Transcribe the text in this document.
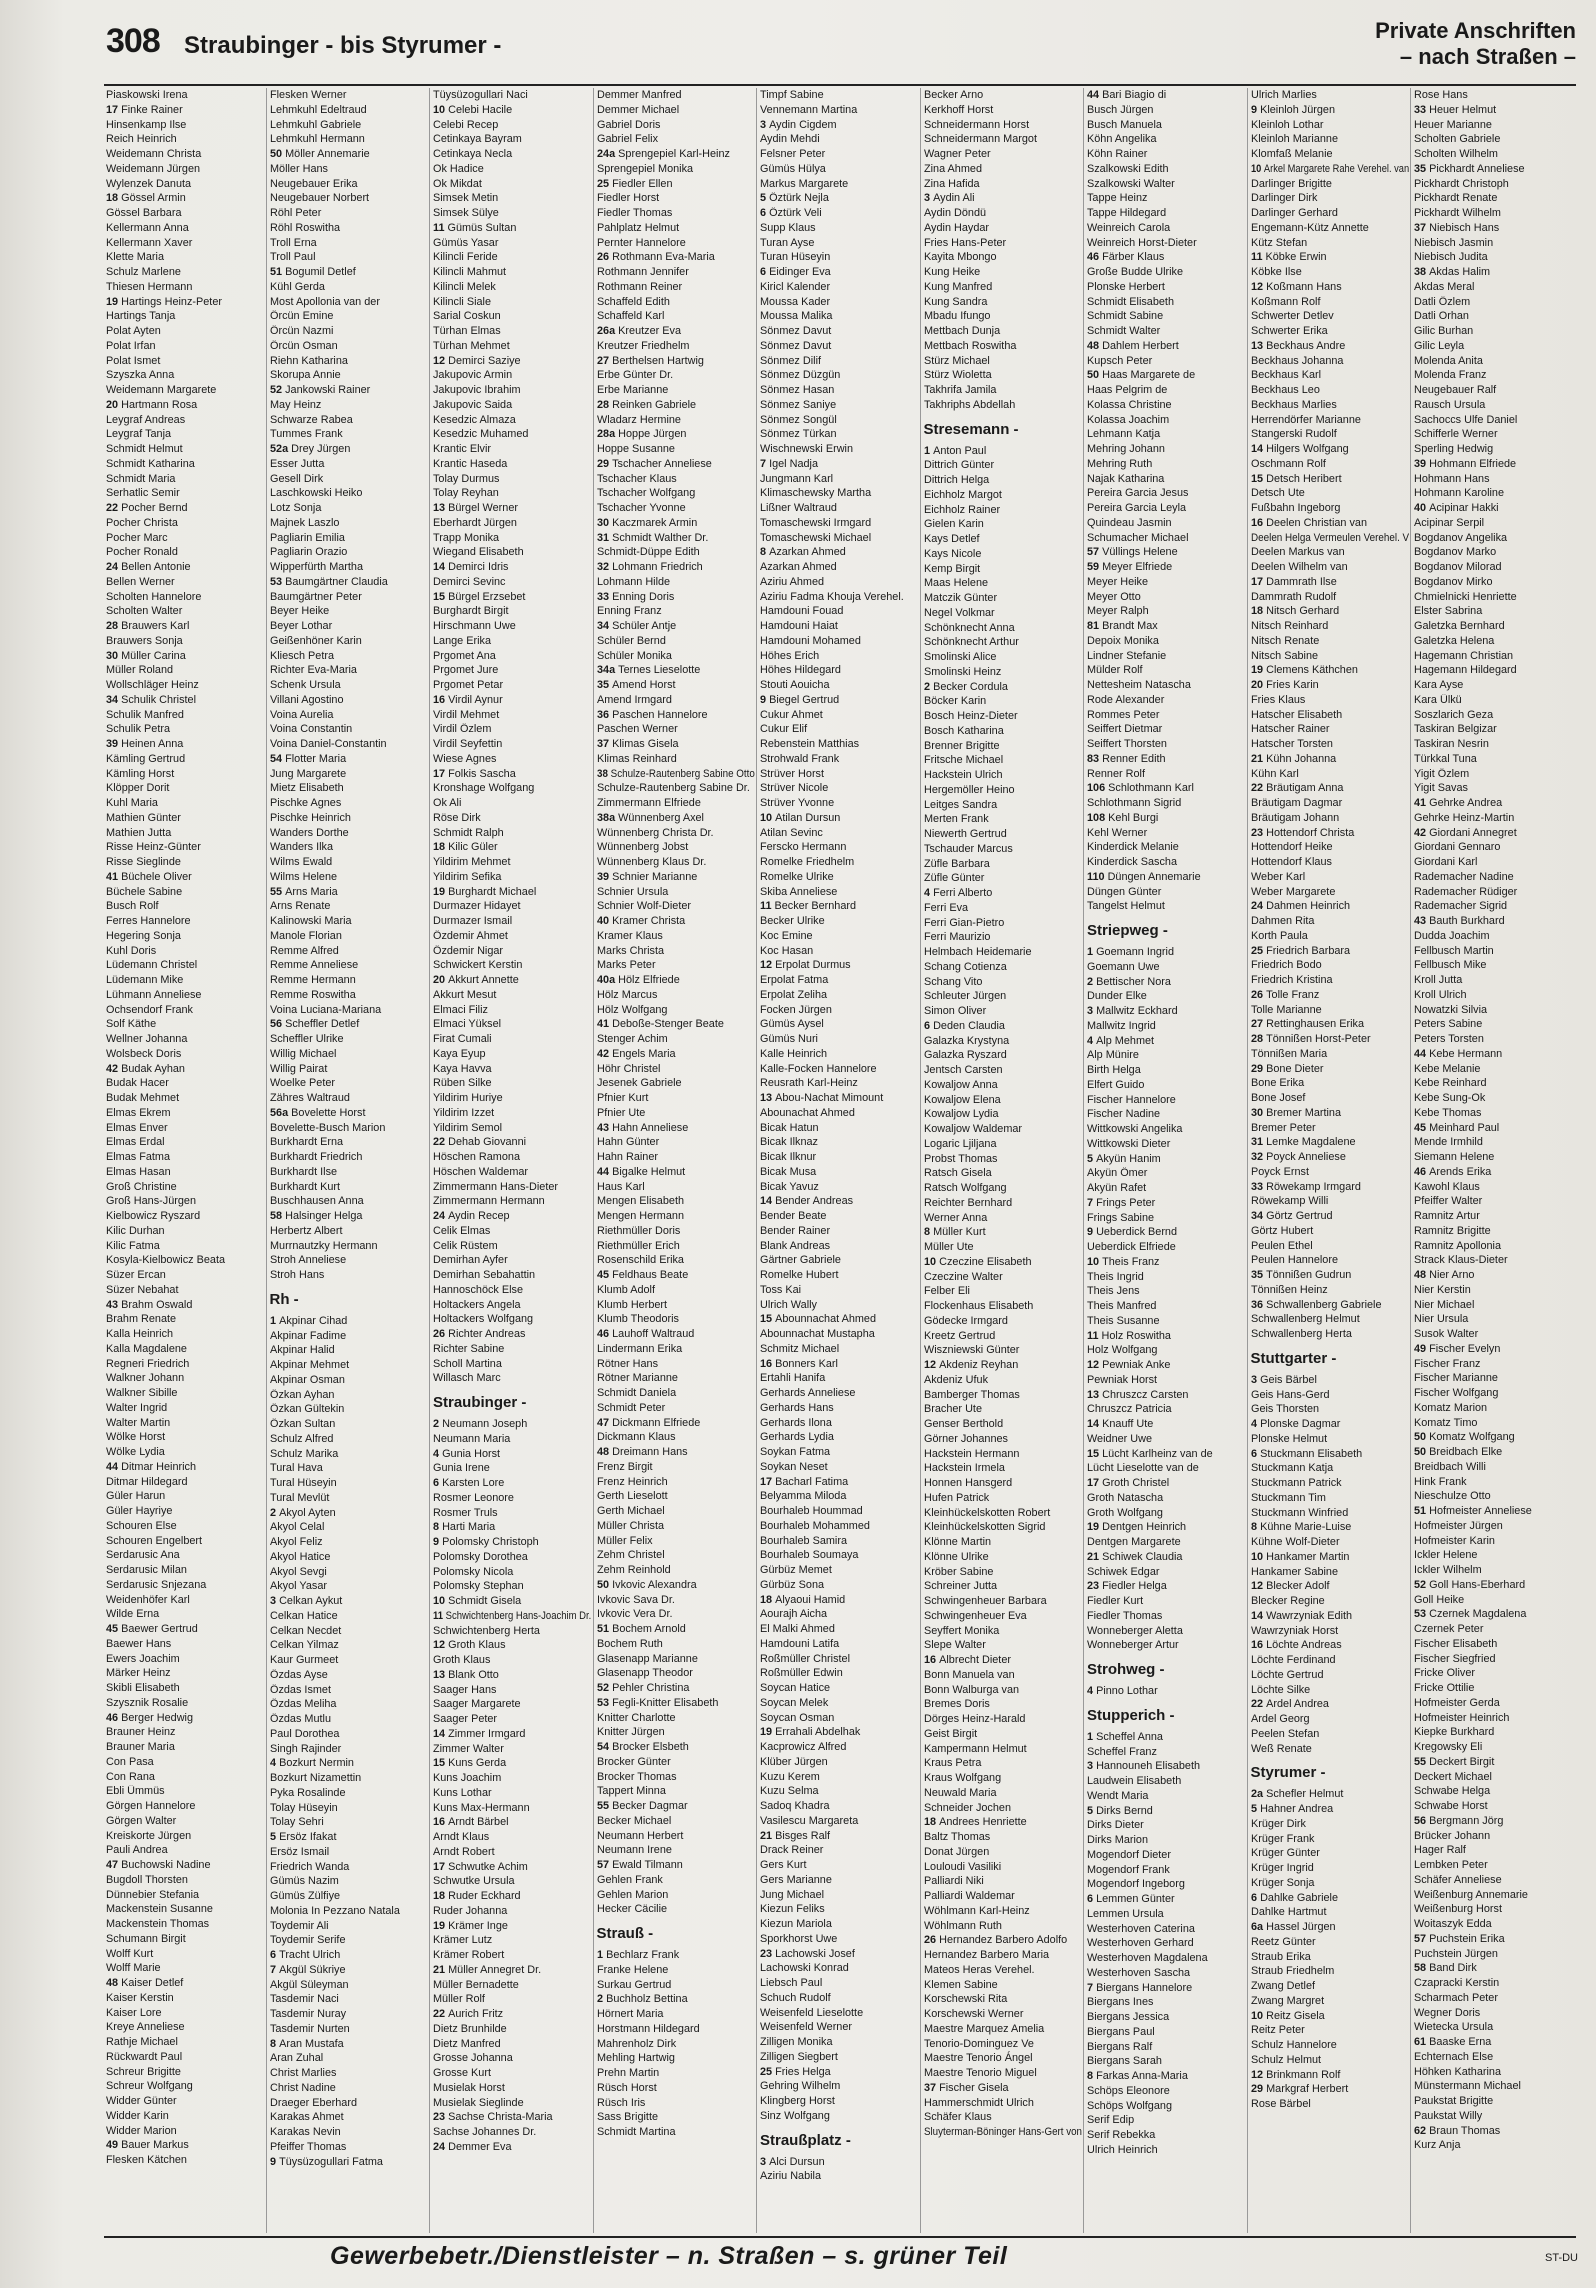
308 Straubinger - bis Styrumer -
Private Anschriften
– nach Straßen –
Piaskowski Irena17 Finke RainerHinsenkamp IlseReich HeinrichWeidemann ChristaWeidemann JürgenWylenzek Danuta18 Gössel ArminGössel BarbaraKellermann AnnaKellermann XaverKlette MariaSchulz MarleneThiesen Hermann19 Hartings Heinz-PeterHartings TanjaPolat AytenPolat IrfanPolat IsmetSzyszka AnnaWeidemann Margarete20 Hartmann RosaLeygraf AndreasLeygraf TanjaSchmidt HelmutSchmidt KatharinaSchmidt MariaSerhatlic Semir22 Pocher BerndPocher ChristaPocher MarcPocher Ronald24 Bellen AntonieBellen WernerScholten HanneloreScholten Walter28 Brauwers KarlBrauwers Sonja30 Müller CarinaMüller RolandWollschläger Heinz34 Schulik ChristelSchulik ManfredSchulik Petra39 Heinen AnnaKämling GertrudKämling HorstKlöpper DoritKuhl MariaMathien GünterMathien JuttaRisse Heinz-GünterRisse Sieglinde41 Büchele OliverBüchele SabineBusch RolfFerres HanneloreHegering SonjaKuhl DorisLüdemann ChristelLüdemann MikeLühmann AnnelieseOchsendorf FrankSolf KätheWellner JohannaWolsbeck Doris42 Budak AyhanBudak HacerBudak MehmetElmas EkremElmas EnverElmas ErdalElmas FatmaElmas HasanGroß ChristineGroß Hans-JürgenKielbowicz RyszardKilic DurhanKilic FatmaKosyla-Kielbowicz BeataSüzer ErcanSüzer Nebahat43 Brahm OswaldBrahm RenateKalla HeinrichKalla MagdaleneRegneri FriedrichWalkner JohannWalkner SibilleWalter IngridWalter MartinWölke HorstWölke Lydia44 Ditmar HeinrichDitmar HildegardGüler HarunGüler HayriyeSchouren ElseSchouren EngelbertSerdarusic AnaSerdarusic MilanSerdarusic SnjezanaWeidenhöfer KarlWilde Erna45 Baewer GertrudBaewer HansEwers JoachimMärker HeinzSkibli ElisabethSzysznik Rosalie46 Berger HedwigBrauner HeinzBrauner MariaCon PasaCon RanaEbli ÜmmüsGörgen HanneloreGörgen WalterKreiskorte JürgenPauli Andrea47 Buchowski NadineBugdoll ThorstenDünnebier StefaniaMackenstein SusanneMackenstein ThomasSchumann BirgitWolff KurtWolff Marie48 Kaiser DetlefKaiser KerstinKaiser LoreKreye AnnelieseRathje MichaelRückwardt PaulSchreur BrigitteSchreur WolfgangWidder GünterWidder KarinWidder Marion49 Bauer MarkusFlesken Kätchen
Flesken WernerLehmkuhl EdeltraudLehmkuhl GabrieleLehmkuhl Hermann50 Möller AnnemarieMöller HansNeugebauer ErikaNeugebauer NorbertRöhl PeterRöhl RoswithaTroll ErnaTroll Paul51 Bogumil DetlefKühl GerdaMost Apollonia van derÖrcün EmineÖrcün NazmiÖrcün OsmanRiehn KatharinaSkorupa Annie52 Jankowski RainerMay HeinzSchwarze RabeaTummes Frank52a Drey JürgenEsser JuttaGesell DirkLaschkowski HeikoLotz SonjaMajnek LaszloPagliarin EmiliaPagliarin OrazioWipperfürth Martha53 Baumgärtner ClaudiaBaumgärtner PeterBeyer HeikeBeyer LotharGeißenhöner KarinKliesch PetraRichter Eva-MariaSchenk UrsulaVillani AgostinoVoina AureliaVoina ConstantinVoina Daniel-Constantin54 Flotter MariaJung MargareteMietz ElisabethPischke AgnesPischke HeinrichWanders DortheWanders IlkaWilms EwaldWilms Helene55 Arns MariaArns RenateKalinowski MariaManole FlorianRemme AlfredRemme AnnelieseRemme HermannRemme RoswithaVoina Luciana-Mariana56 Scheffler DetlefScheffler UlrikeWillig MichaelWillig PairatWoelke PeterZähres Waltraud56a Bovelette HorstBovelette-Busch MarionBurkhardt ErnaBurkhardt FriedrichBurkhardt IlseBurkhardt KurtBuschhausen Anna58 Halsinger HelgaHerbertz AlbertMurrnautzky HermannStroh AnnelieseStroh Hans
Rh -
1 Akpinar CihadAkpinar FadimeAkpinar HalidAkpinar MehmetAkpinar OsmanÖzkan AyhanÖzkan GültekinÖzkan SultanSchulz AlfredSchulz MarikaTural HavaTural HüseyinTural Mevlüt2 Akyol AytenAkyol CelalAkyol FelizAkyol HaticeAkyol SevgiAkyol Yasar3 Celkan AykutCelkan HaticeCelkan NecdetCelkan YilmazKaur GurmeetÖzdas AyseÖzdas IsmetÖzdas MelihaÖzdas MutluPaul DorotheaSingh Rajinder4 Bozkurt NerminBozkurt NizamettinPyka RosalindeTolay HüseyinTolay Sehri5 Ersöz IfakatErsöz IsmailFriedrich WandaGümüs NazimGümüs ZülfiyeMolonia In Pezzano NatalaToydemir AliToydemir Serife6 Tracht Ulrich7 Akgül SükriyeAkgül SüleymanTasdemir NaciTasdemir NurayTasdemir Nurten8 Aran MustafaAran ZuhalChrist MarliesChrist NadineDraeger EberhardKarakas AhmetKarakas NevinPfeiffer Thomas9 Tüysüzogullari Fatma
Tüysüzogullari Naci10 Celebi HacileCelebi RecepCetinkaya BayramCetinkaya NeclaOk HadiceOk MikdatSimsek MetinSimsek Sülye11 Gümüs SultanGümüs YasarKilincli FerideKilincli MahmutKilincli MelekKilincli SialeSarial CoskunTürhan ElmasTürhan Mehmet12 Demirci SaziyeJakupovic ArminJakupovic IbrahimJakupovic SaidaKesedzic AlmazaKesedzic MuhamedKrantic ElvirKrantic HasedaTolay DurmusTolay Reyhan13 Bürgel WernerEberhardt JürgenTrapp MonikaWiegand Elisabeth14 Demirci IdrisDemirci Sevinc15 Bürgel ErzsebetBurghardt BirgitHirschmann UweLange ErikaPrgomet AnaPrgomet JurePrgomet Petar16 Virdil AynurVirdil MehmetVirdil ÖzlemVirdil SeyfettinWiese Agnes17 Folkis SaschaKronshage WolfgangOk AliRöse DirkSchmidt Ralph18 Kilic GülerYildirim MehmetYildirim Sefika19 Burghardt MichaelDurmazer HidayetDurmazer IsmailÖzdemir AhmetÖzdemir NigarSchwickert Kerstin20 Akkurt AnnetteAkkurt MesutElmaci FilizElmaci YükselFirat CumaliKaya EyupKaya HavvaRüben SilkeYildirim HuriyeYildirim IzzetYildirim Semol22 Dehab GiovanniHöschen RamonaHöschen WaldemarZimmermann Hans-DieterZimmermann Hermann24 Aydin RecepCelik ElmasCelik RüstemDemirhan AyferDemirhan SebahattinHannoschöck ElseHoltackers AngelaHoltackers Wolfgang26 Richter AndreasRichter SabineScholl MartinaWillasch Marc
Straubinger -
2 Neumann JosephNeumann Maria4 Gunia HorstGunia Irene6 Karsten LoreRosmer LeonoreRosmer Truls8 Harti Maria9 Polomsky ChristophPolomsky DorotheaPolomsky NicolaPolomsky Stephan10 Schmidt Gisela11 Schwichtenberg Hans-Joachim Dr.Schwichtenberg Herta12 Groth KlausGroth Klaus13 Blank OttoSaager HansSaager MargareteSaager Peter14 Zimmer IrmgardZimmer Walter15 Kuns GerdaKuns JoachimKuns LotharKuns Max-Hermann16 Arndt BärbelArndt KlausArndt Robert17 Schwutke AchimSchwutke Ursula18 Ruder EckhardRuder Johanna19 Krämer IngeKrämer LutzKrämer Robert21 Müller Annegret Dr.Müller BernadetteMüller Rolf22 Aurich FritzDietz BrunhildeDietz ManfredGrosse JohannaGrosse KurtMusielak HorstMusielak Sieglinde23 Sachse Christa-MariaSachse Johannes Dr.24 Demmer Eva
Demmer ManfredDemmer MichaelGabriel DorisGabriel Felix24a Sprengepiel Karl-HeinzSprengepiel Monika25 Fiedler EllenFiedler HorstFiedler ThomasPahlplatz HelmutPernter Hannelore26 Rothmann Eva-MariaRothmann JenniferRothmann ReinerSchaffeld EdithSchaffeld Karl26a Kreutzer EvaKreutzer Friedhelm27 Berthelsen HartwigErbe Günter Dr.Erbe Marianne28 Reinken GabrieleWladarz Hermine28a Hoppe JürgenHoppe Susanne29 Tschacher AnnelieseTschacher KlausTschacher WolfgangTschacher Yvonne30 Kaczmarek Armin31 Schmidt Walther Dr.Schmidt-Düppe Edith32 Lohmann FriedrichLohmann Hilde33 Enning DorisEnning Franz34 Schüler AntjeSchüler BerndSchüler Monika34a Ternes Lieselotte35 Amend HorstAmend Irmgard36 Paschen HannelorePaschen Werner37 Klimas GiselaKlimas Reinhard38 Schulze-Rautenberg Sabine OttoSchulze-Rautenberg Sabine Dr.Zimmermann Elfriede38a Wünnenberg AxelWünnenberg Christa Dr.Wünnenberg JobstWünnenberg Klaus Dr.39 Schnier MarianneSchnier UrsulaSchnier Wolf-Dieter40 Kramer ChristaKramer KlausMarks ChristaMarks Peter40a Hölz ElfriedeHölz MarcusHölz Wolfgang41 Deboße-Stenger BeateStenger Achim42 Engels MariaHöhr ChristelJesenek GabrielePfnier KurtPfnier Ute43 Hahn AnnelieseHahn GünterHahn Rainer44 Bigalke HelmutHaus KarlMengen ElisabethMengen HermannRiethmüller DorisRiethmüller ErichRosenschild Erika45 Feldhaus BeateKlumb AdolfKlumb HerbertKlumb Theodoris46 Lauhoff WaltraudLindermann ErikaRötner HansRötner MarianneSchmidt DanielaSchmidt Peter47 Dickmann ElfriedeDickmann Klaus48 Dreimann HansFrenz BirgitFrenz HeinrichGerth LieselottGerth MichaelMüller ChristaMüller FelixZehm ChristelZehm Reinhold50 Ivkovic AlexandraIvkovic Sava Dr.Ivkovic Vera Dr.51 Bochem ArnoldBochem RuthGlasenapp MarianneGlasenapp Theodor52 Pehler Christina53 Fegli-Knitter ElisabethKnitter CharlotteKnitter Jürgen54 Brocker ElsbethBrocker GünterBrocker ThomasTappert Minna55 Becker DagmarBecker MichaelNeumann HerbertNeumann Irene57 Ewald TilmannGehlen FrankGehlen MarionHecker Cäcilie
Strauß -
1 Bechlarz FrankFranke HeleneSurkau Gertrud2 Buchholz BettinaHörnert MariaHorstmann HildegardMahrenholz DirkMehling HartwigPrehn MartinRüsch HorstRüsch IrisSass BrigitteSchmidt Martina
Timpf SabineVennemann Martina3 Aydin CigdemAydin MehdiFelsner PeterGümüs HülyaMarkus Margarete5 Öztürk Nejla6 Öztürk VeliSupp KlausTuran AyseTuran Hüseyin6 Eidinger EvaKiricl KalenderMoussa KaderMoussa MalikaSönmez DavutSönmez DavutSönmez DilifSönmez DüzgünSönmez HasanSönmez SaniyeSönmez SongülSönmez TürkanWischnewski Erwin7 Igel NadjaJungmann KarlKlimaschewsky MarthaLißner WaltraudTomaschewski IrmgardTomaschewski Michael8 Azarkan AhmedAzarkan AhmedAziriu AhmedAziriu Fadma Khouja Verehel.Hamdouni FouadHamdouni HaiatHamdouni MohamedHöhes ErichHöhes HildegardStouti Aouicha9 Biegel GertrudCukur AhmetCukur ElifRebenstein MatthiasStrohwald FrankStrüver HorstStrüver NicoleStrüver Yvonne10 Atilan DursunAtilan SevincFerscko HermannRomelke FriedhelmRomelke UlrikeSkiba Anneliese11 Becker BernhardBecker UlrikeKoc EmineKoc Hasan12 Erpolat DurmusErpolat FatmaErpolat ZelihaFocken JürgenGümüs AyselGümüs NuriKalle HeinrichKalle-Focken HanneloreReusrath Karl-Heinz13 Abou-Nachat MimountAbounachat AhmedBicak HatunBicak IlknazBicak IlknurBicak MusaBicak Yavuz14 Bender AndreasBender BeateBender RainerBlank AndreasGärtner GabrieleRomelke HubertToss KaiUlrich Wally15 Abounnachat AhmedAbounnachat MustaphaSchmitz Michael16 Bonners KarlErtahli HanifaGerhards AnnelieseGerhards HansGerhards IlonaGerhards LydiaSoykan FatmaSoykan Neset17 Bacharl FatimaBelyamma MilodaBourhaleb HoummadBourhaleb MohammedBourhaleb SamiraBourhaleb SoumayaGürbüz MemetGürbüz Sona18 Alyaoui HamidAourajh AichaEl Malki AhmedHamdouni LatifaRoßmüller ChristelRoßmüller EdwinSoycan HaticeSoycan MelekSoycan Osman19 Errahali AbdelhakKacprowicz AlfredKlüber JürgenKuzu KeremKuzu SelmaSadoq KhadraVasilescu Margareta21 Bisges RalfDrack ReinerGers KurtGers MarianneJung MichaelKiezun FeliksKiezun MariolaSporkhorst Uwe23 Lachowski JosefLachowski KonradLiebsch PaulSchuch RudolfWeisenfeld LieselotteWeisenfeld WernerZilligen MonikaZilligen Siegbert25 Fries HelgaGehring WilhelmKlingberg HorstSinz Wolfgang
Straußplatz -
3 Alci DursunAziriu Nabila
Becker ArnoKerkhoff HorstSchneidermann HorstSchneidermann MargotWagner PeterZina AhmedZina Hafida3 Aydin AliAydin DöndüAydin HaydarFries Hans-PeterKayita MbongoKung HeikeKung ManfredKung SandraMbadu IfungoMettbach DunjaMettbach RoswithaStürz MichaelStürz WiolettaTakhrifa JamilaTakhriphs Abdellah
Stresemann -
1 Anton PaulDittrich GünterDittrich HelgaEichholz MargotEichholz RainerGielen KarinKays DetlefKays NicoleKemp BirgitMaas HeleneMatczik GünterNegel VolkmarSchönknecht AnnaSchönknecht ArthurSmolinski AliceSmolinski Heinz2 Becker CordulaBöcker KarinBosch Heinz-DieterBosch KatharinaBrenner BrigitteFritsche MichaelHackstein UlrichHergemöller HeinoLeitges SandraMerten FrankNiewerth GertrudTschauder MarcusZüfle BarbaraZüfle Günter4 Ferri AlbertoFerri EvaFerri Gian-PietroFerri MaurizioHelmbach HeidemarieSchang CotienzaSchang VitoSchleuter JürgenSimon Oliver6 Deden ClaudiaGalazka KrystynaGalazka RyszardJentsch CarstenKowaljow AnnaKowaljow ElenaKowaljow LydiaKowaljow WaldemarLogaric LjiljanaProbst ThomasRatsch GiselaRatsch WolfgangReichter BernhardWerner Anna8 Müller KurtMüller Ute10 Czeczine ElisabethCzeczine WalterFelber EliFlockenhaus ElisabethGödecke IrmgardKreetz GertrudWiszniewski Günter12 Akdeniz ReyhanAkdeniz UfukBamberger ThomasBracher UteGenser BertholdGörner JohannesHackstein HermannHackstein IrmelaHonnen HansgerdHufen PatrickKleinhückelskotten RobertKleinhückelskotten SigridKlönne MartinKlönne UlrikeKröber SabineSchreiner JuttaSchwingenheuer BarbaraSchwingenheuer EvaSeyffert MonikaSlepe Walter16 Albrecht DieterBonn Manuela vanBonn Walburga vanBremes DorisDörges Heinz-HaraldGeist BirgitKampermann HelmutKraus PetraKraus WolfgangNeuwald MariaSchneider Jochen18 Andrees HenrietteBaltz ThomasDonat JürgenLouloudi VasilikiPalliardi NikiPalliardi WaldemarWöhlmann Karl-HeinzWöhlmann Ruth26 Hernandez Barbero AdolfoHernandez Barbero MariaMateos Heras Verehel.Klemen SabineKorschewski RitaKorschewski WernerMaestre Marquez AmeliaTenorio-Dominguez VeMaestre Tenorio ÁngelMaestre Tenorio Miguel37 Fischer GiselaHammerschmidt UlrichSchäfer KlausSluyterman-Böninger Hans-Gert von
44 Bari Biagio diBusch JürgenBusch ManuelaKöhn AngelikaKöhn RainerSzalkowski EdithSzalkowski WalterTappe HeinzTappe HildegardWeinreich CarolaWeinreich Horst-Dieter46 Färber KlausGroße Budde UlrikePlonske HerbertSchmidt ElisabethSchmidt SabineSchmidt Walter48 Dahlem HerbertKupsch Peter50 Haas Margarete deHaas Pelgrim deKolassa ChristineKolassa JoachimLehmann KatjaMehring JohannMehring RuthNajak KatharinaPereira Garcia JesusPereira Garcia LeylaQuindeau JasminSchumacher Michael57 Vüllings Helene59 Meyer ElfriedeMeyer HeikeMeyer OttoMeyer Ralph81 Brandt MaxDepoix MonikaLindner StefanieMülder RolfNettesheim NataschaRode AlexanderRommes PeterSeiffert DietmarSeiffert Thorsten83 Renner EdithRenner Rolf106 Schlothmann KarlSchlothmann Sigrid108 Kehl BurgiKehl WernerKinderdick MelanieKinderdick Sascha110 Düngen AnnemarieDüngen GünterTangelst Helmut
Striepweg -
1 Goemann IngridGoemann Uwe2 Bettischer NoraDunder Elke3 Mallwitz EckhardMallwitz Ingrid4 Alp MehmetAlp MünireBirth HelgaElfert GuidoFischer HanneloreFischer NadineWittkowski AngelikaWittkowski Dieter5 Akyün HanimAkyün ÖmerAkyün Rafet7 Frings PeterFrings Sabine9 Ueberdick BerndUeberdick Elfriede10 Theis FranzTheis IngridTheis JensTheis ManfredTheis Susanne11 Holz RoswithaHolz Wolfgang12 Pewniak AnkePewniak Horst13 Chruszcz CarstenChruszcz Patricia14 Knauff UteWeidner Uwe15 Lücht Karlheinz van deLücht Lieselotte van de17 Groth ChristelGroth NataschaGroth Wolfgang19 Dentgen HeinrichDentgen Margarete21 Schiwek ClaudiaSchiwek Edgar23 Fiedler HelgaFiedler KurtFiedler ThomasWonneberger AlettaWonneberger Artur
Strohweg -
4 Pinno Lothar
Stupperich -
1 Scheffel AnnaScheffel Franz3 Hannouneh ElisabethLaudwein ElisabethWendt Maria5 Dirks BerndDirks DieterDirks MarionMogendorf DieterMogendorf FrankMogendorf Ingeborg6 Lemmen GünterLemmen UrsulaWesterhoven CaterinaWesterhoven GerhardWesterhoven MagdalenaWesterhoven Sascha7 Biergans HanneloreBiergans InesBiergans JessicaBiergans PaulBiergans RalfBiergans Sarah8 Farkas Anna-MariaSchöps EleonoreSchöps WolfgangSerif EdipSerif RebekkaUlrich Heinrich
Ulrich Marlies9 Kleinloh JürgenKleinloh LotharKleinloh MarianneKlomfaß Melanie10 Arkel Margarete Rahe Verehel. vanDarlinger BrigitteDarlinger DirkDarlinger GerhardEngemann-Kütz AnnetteKütz Stefan11 Köbke ErwinKöbke Ilse12 Koßmann HansKoßmann RolfSchwerter DetlevSchwerter Erika13 Beckhaus AndreBeckhaus JohannaBeckhaus KarlBeckhaus LeoBeckhaus MarliesHerrendörfer MarianneStangerski Rudolf14 Hilgers WolfgangOschmann Rolf15 Detsch HeribertDetsch UteFußbahn Ingeborg16 Deelen Christian vanDeelen Helga Vermeulen Verehel. VDeelen Markus vanDeelen Wilhelm van17 Dammrath IlseDammrath Rudolf18 Nitsch GerhardNitsch ReinhardNitsch RenateNitsch Sabine19 Clemens Käthchen20 Fries KarinFries KlausHatscher ElisabethHatscher RainerHatscher Torsten21 Kühn JohannaKühn Karl22 Bräutigam AnnaBräutigam DagmarBräutigam Johann23 Hottendorf ChristaHottendorf HeikeHottendorf KlausWeber KarlWeber Margarete24 Dahmen HeinrichDahmen RitaKorth Paula25 Friedrich BarbaraFriedrich BodoFriedrich Kristina26 Tolle FranzTolle Marianne27 Rettinghausen Erika28 Tönnißen Horst-PeterTönnißen Maria29 Bone DieterBone ErikaBone Josef30 Bremer MartinaBremer Peter31 Lemke Magdalene32 Poyck AnneliesePoyck Ernst33 Röwekamp IrmgardRöwekamp Willi34 Görtz GertrudGörtz HubertPeulen EthelPeulen Hannelore35 Tönnißen GudrunTönnißen Heinz36 Schwallenberg GabrieleSchwallenberg HelmutSchwallenberg Herta
Stuttgarter -
3 Geis BärbelGeis Hans-GerdGeis Thorsten4 Plonske DagmarPlonske Helmut6 Stuckmann ElisabethStuckmann KatjaStuckmann PatrickStuckmann TimStuckmann Winfried8 Kühne Marie-LuiseKühne Wolf-Dieter10 Hankamer MartinHankamer Sabine12 Blecker AdolfBlecker Regine14 Wawrzyniak EdithWawrzyniak Horst16 Löchte AndreasLöchte FerdinandLöchte GertrudLöchte Silke22 Ardel AndreaArdel GeorgPeelen StefanWeß Renate
Styrumer -
2a Schefler Helmut5 Hahner AndreaKrüger DirkKrüger FrankKrüger GünterKrüger IngridKrüger Sonja6 Dahlke GabrieleDahlke Hartmut6a Hassel JürgenReetz GünterStraub ErikaStraub FriedhelmZwang DetlefZwang Margret10 Reitz GiselaReitz PeterSchulz HanneloreSchulz Helmut12 Brinkmann Rolf29 Markgraf HerbertRose Bärbel
Rose Hans33 Heuer HelmutHeuer MarianneScholten GabrieleScholten Wilhelm35 Pickhardt AnneliesePickhardt ChristophPickhardt RenatePickhardt Wilhelm37 Niebisch HansNiebisch JasminNiebisch Judita38 Akdas HalimAkdas MeralDatli ÖzlemDatli OrhanGilic BurhanGilic LeylaMolenda AnitaMolenda FranzNeugebauer RalfRausch UrsulaSachoccs Ulfe DanielSchifferle WernerSperling Hedwig39 Hohmann ElfriedeHohmann HansHohmann Karoline40 Acipinar HakkiAcipinar SerpilBogdanov AngelikaBogdanov MarkoBogdanov MiloradBogdanov MirkoChmielnicki HenrietteElster SabrinaGaletzka BernhardGaletzka HelenaHagemann ChristianHagemann HildegardKara AyseKara ÜlküSoszlarich GezaTaskiran BelgizarTaskiran NesrinTürkkal TunaYigit ÖzlemYigit Savas41 Gehrke AndreaGehrke Heinz-Martin42 Giordani AnnegretGiordani GennaroGiordani KarlRademacher NadineRademacher RüdigerRademacher Sigrid43 Bauth BurkhardDudda JoachimFellbusch MartinFellbusch MikeKroll JuttaKroll UlrichNowatzki SilviaPeters SabinePeters Torsten44 Kebe HermannKebe MelanieKebe ReinhardKebe Sung-OkKebe Thomas45 Meinhard PaulMende IrmhildSiemann Helene46 Arends ErikaKawohl KlausPfeiffer WalterRamnitz ArturRamnitz BrigitteRamnitz ApolloniaStrack Klaus-Dieter48 Nier ArnoNier KerstinNier MichaelNier UrsulaSusok Walter49 Fischer EvelynFischer FranzFischer MarianneFischer WolfgangKomatz MarionKomatz Timo50 Komatz Wolfgang50 Breidbach ElkeBreidbach WilliHink FrankNieschulze Otto51 Hofmeister AnnelieseHofmeister JürgenHofmeister KarinIckler HeleneIckler Wilhelm52 Goll Hans-EberhardGoll Heike53 Czernek MagdalenaCzernek PeterFischer ElisabethFischer SiegfriedFricke OliverFricke OttilieHofmeister GerdaHofmeister HeinrichKiepke BurkhardKregowsky Eli55 Deckert BirgitDeckert MichaelSchwabe HelgaSchwabe Horst56 Bergmann JörgBrücker JohannHager RalfLembken PeterSchäfer AnnelieseWeißenburg AnnemarieWeißenburg HorstWoitaszyk Edda57 Puchstein ErikaPuchstein Jürgen58 Band DirkCzapracki KerstinScharmach PeterWegner DorisWietecka Ursula61 Baaske ErnaEchternach ElseHöhken KatharinaMünstermann MichaelPaukstat BrigittePaukstat Willy62 Braun ThomasKurz Anja
Gewerbebetr./Dienstleister – n. Straßen – s. grüner Teil	ST-DU
